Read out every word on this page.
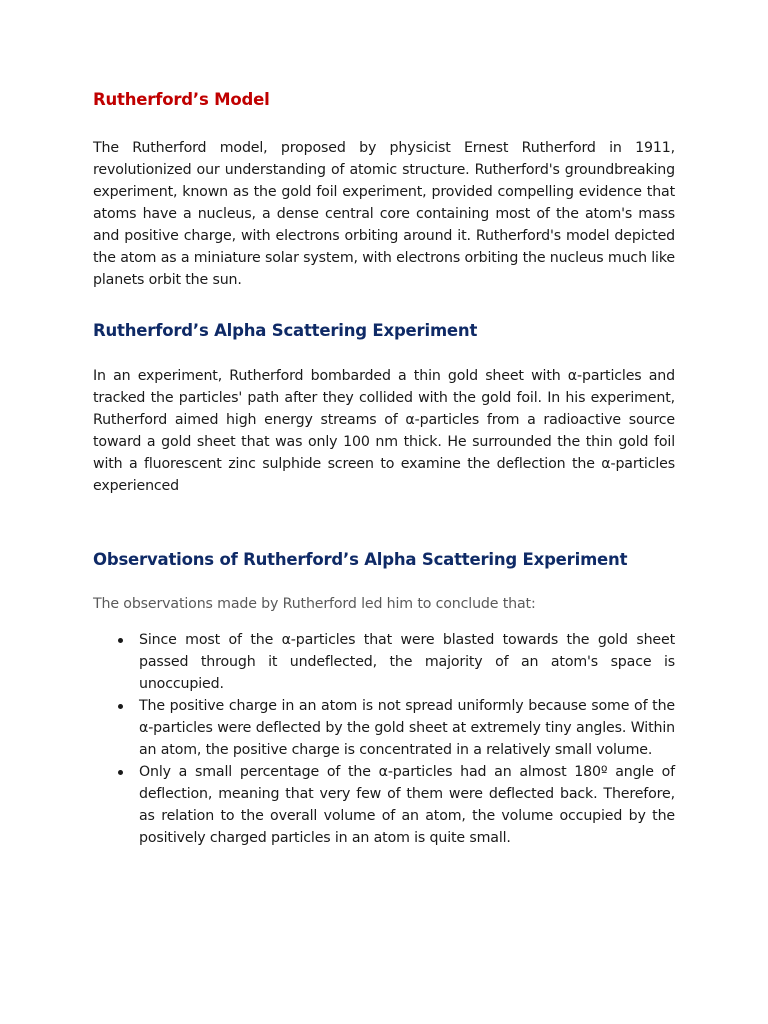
Rutherford’s Model

The Rutherford model, proposed by physicist Ernest Rutherford in 1911, revolutionized our understanding of atomic structure. Rutherford's groundbreaking experiment, known as the gold foil experiment, provided compelling evidence that atoms have a nucleus, a dense central core containing most of the atom's mass and positive charge, with electrons orbiting around it. Rutherford's model depicted the atom as a miniature solar system, with electrons orbiting the nucleus much like planets orbit the sun.

Rutherford’s Alpha Scattering Experiment

In an experiment, Rutherford bombarded a thin gold sheet with α-particles and tracked the particles' path after they collided with the gold foil. In his experiment, Rutherford aimed high energy streams of α-particles from a radioactive source toward a gold sheet that was only 100 nm thick. He surrounded the thin gold foil with a fluorescent zinc sulphide screen to examine the deflection the α-particles experienced

Observations of Rutherford’s Alpha Scattering Experiment

The observations made by Rutherford led him to conclude that:

Since most of the α-particles that were blasted towards the gold sheet passed through it undeflected, the majority of an atom's space is unoccupied.
The positive charge in an atom is not spread uniformly because some of the α-particles were deflected by the gold sheet at extremely tiny angles. Within an atom, the positive charge is concentrated in a relatively small volume.
Only a small percentage of the α-particles had an almost 180º angle of deflection, meaning that very few of them were deflected back. Therefore, as relation to the overall volume of an atom, the volume occupied by the positively charged particles in an atom is quite small.
